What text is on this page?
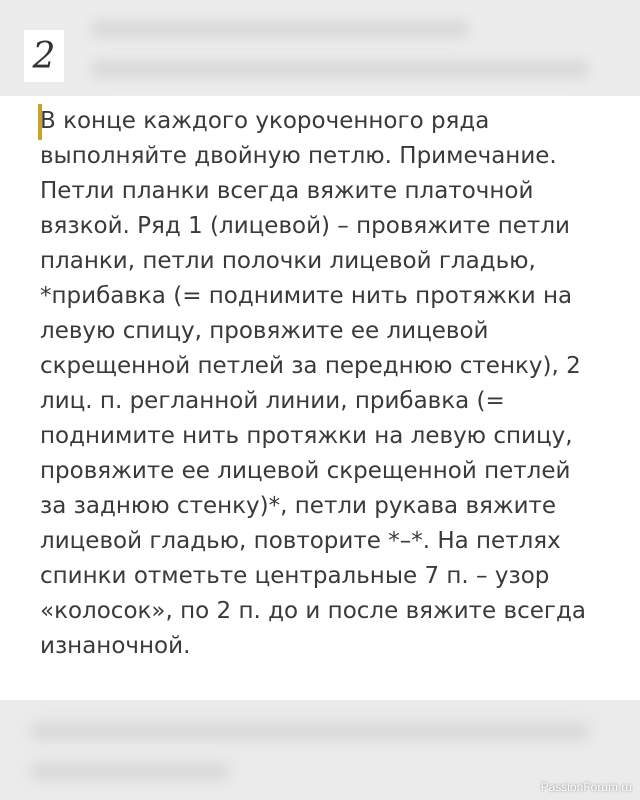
2

В конце каждого укороченного ряда
выполняйте двойную петлю. Примечание.
Петли планки всегда вяжите платочной
вязкой. Ряд 1 (лицевой) – провяжите петли
планки, петли полочки лицевой гладью,
*прибавка (= поднимите нить протяжки на
левую спицу, провяжите ее лицевой
скрещенной петлей за переднюю стенку), 2
лиц. п. регланной линии, прибавка (=
поднимите нить протяжки на левую спицу,
провяжите ее лицевой скрещенной петлей
за заднюю стенку)*, петли рукава вяжите
лицевой гладью, повторите *–*. На петлях
спинки отметьте центральные 7 п. – узор
«колосок», по 2 п. до и после вяжите всегда
изнаночной.

PassionForum.ru
